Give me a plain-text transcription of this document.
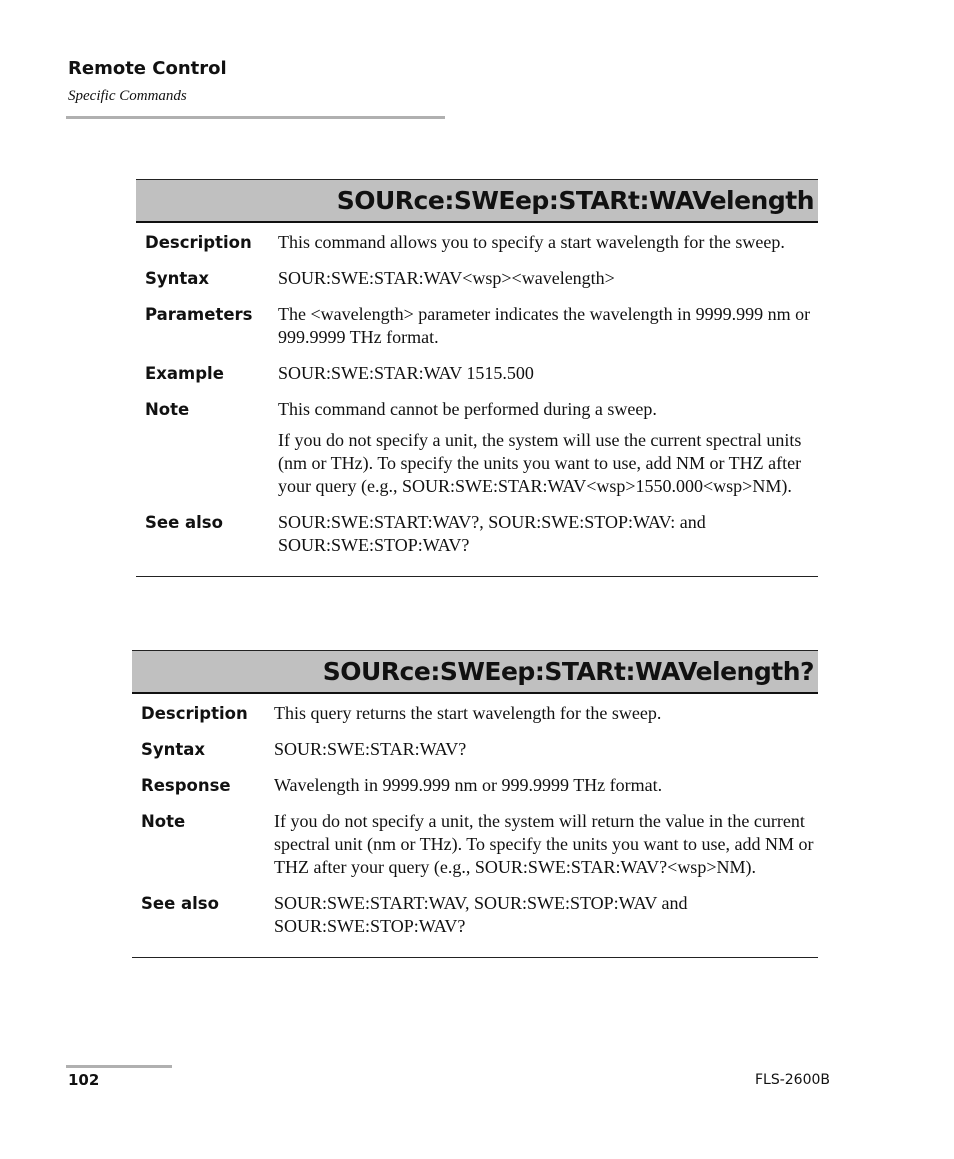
Remote Control
Specific Commands
SOURce:SWEep:STARt:WAVelength
Description	This command allows you to specify a start wavelength for the sweep.

Syntax	SOUR:SWE:STAR:WAV<wsp><wavelength>

Parameters	The <wavelength> parameter indicates the wavelength in 9999.999 nm or 999.9999 THz format.

Example	SOUR:SWE:STAR:WAV 1515.500

Note	This command cannot be performed during a sweep.

If you do not specify a unit, the system will use the current spectral units (nm or THz). To specify the units you want to use, add NM or THZ after your query (e.g., SOUR:SWE:STAR:WAV<wsp>1550.000<wsp>NM).

See also	SOUR:SWE:START:WAV?, SOUR:SWE:STOP:WAV: and SOUR:SWE:STOP:WAV?

SOURce:SWEep:STARt:WAVelength?
Description	This query returns the start wavelength for the sweep.

Syntax	SOUR:SWE:STAR:WAV?

Response	Wavelength in 9999.999 nm or 999.9999 THz format.

Note	If you do not specify a unit, the system will return the value in the current spectral unit (nm or THz). To specify the units you want to use, add NM or THZ after your query (e.g., SOUR:SWE:STAR:WAV?<wsp>NM).

See also	SOUR:SWE:START:WAV, SOUR:SWE:STOP:WAV and SOUR:SWE:STOP:WAV?

102	FLS-2600B
